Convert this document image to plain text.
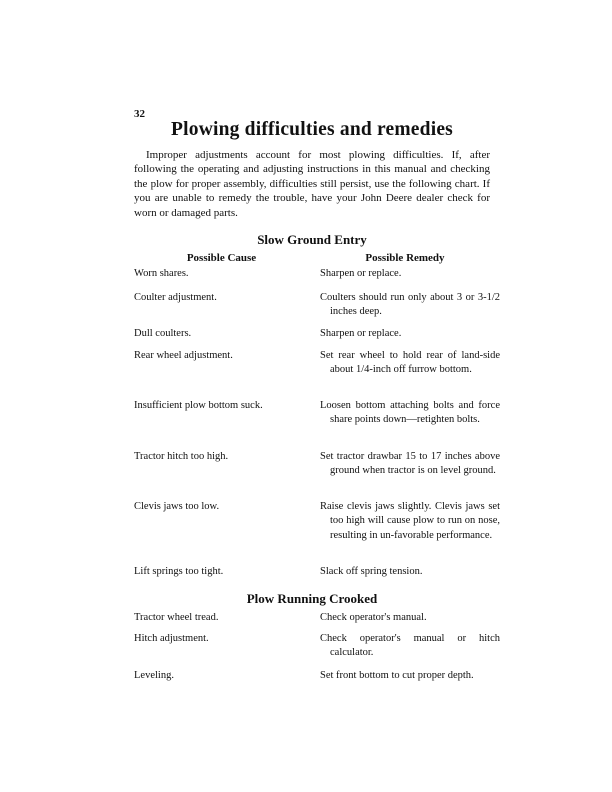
32
Plowing difficulties and remedies

Improper adjustments account for most plowing difficulties. If, after following the operating and adjusting instructions in this manual and checking the plow for proper assembly, difficulties still persist, use the following chart. If you are unable to remedy the trouble, have your John Deere dealer check for worn or damaged parts.

Slow Ground Entry
Possible Cause	Possible Remedy
Worn shares.	Sharpen or replace.
Coulter adjustment.	Coulters should run only about 3 or 3-1/2 inches deep.
Dull coulters.	Sharpen or replace.
Rear wheel adjustment.	Set rear wheel to hold rear of land-side about 1/4-inch off furrow bottom.
Insufficient plow bottom suck.	Loosen bottom attaching bolts and force share points down—retighten bolts.
Tractor hitch too high.	Set tractor drawbar 15 to 17 inches above ground when tractor is on level ground.
Clevis jaws too low.	Raise clevis jaws slightly. Clevis jaws set too high will cause plow to run on nose, resulting in un-favorable performance.
Lift springs too tight.	Slack off spring tension.
Plow Running Crooked
Tractor wheel tread.	Check operator's manual.
Hitch adjustment.	Check operator's manual or hitch calculator.
Leveling.	Set front bottom to cut proper depth.
